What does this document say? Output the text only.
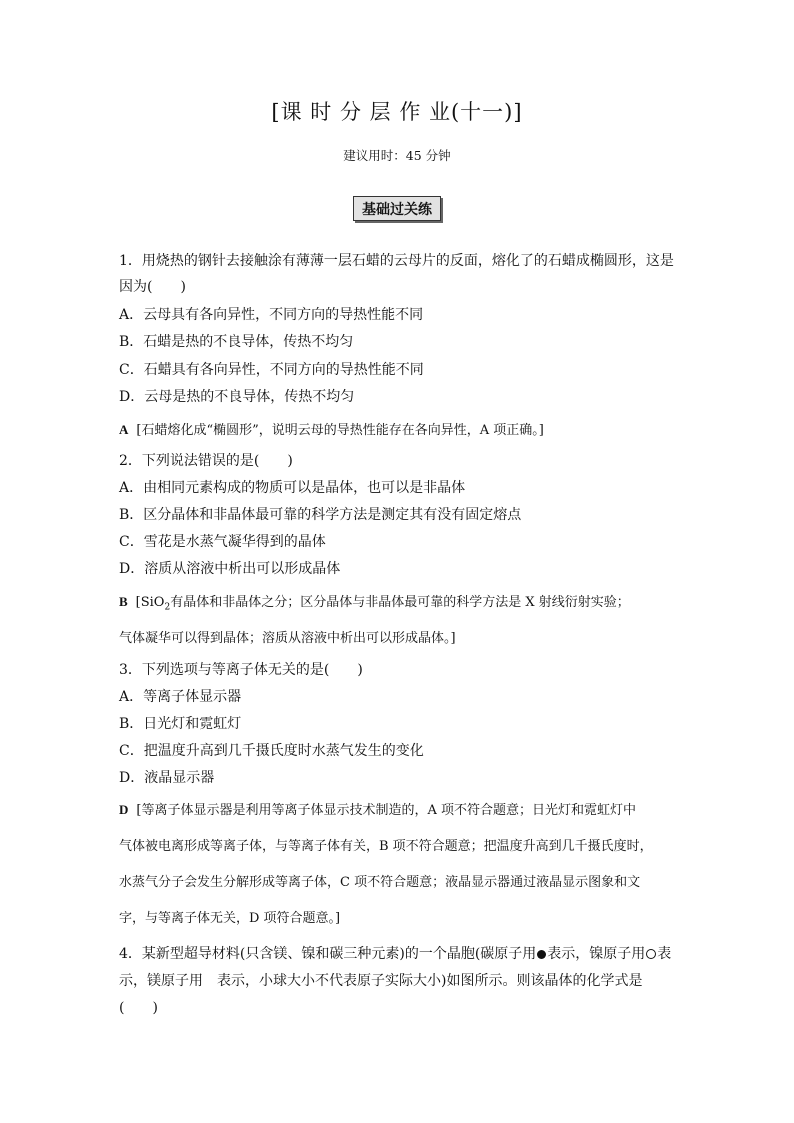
[课 时 分 层 作 业(十一)]
建议用时：45 分钟
基础过关练
1．用烧热的钢针去接触涂有薄薄一层石蜡的云母片的反面，熔化了的石蜡成椭圆形，这是
因为(　　)
A．云母具有各向异性，不同方向的导热性能不同
B．石蜡是热的不良导体，传热不均匀
C．石蜡具有各向异性，不同方向的导热性能不同
D．云母是热的不良导体，传热不均匀
A [石蜡熔化成“椭圆形”，说明云母的导热性能存在各向异性，A 项正确。]
2．下列说法错误的是(　　)
A．由相同元素构成的物质可以是晶体，也可以是非晶体
B．区分晶体和非晶体最可靠的科学方法是测定其有没有固定熔点
C．雪花是水蒸气凝华得到的晶体
D．溶质从溶液中析出可以形成晶体
B [SiO$_2$有晶体和非晶体之分；区分晶体与非晶体最可靠的科学方法是 X 射线衍射实验；
气体凝华可以得到晶体；溶质从溶液中析出可以形成晶体。]
3．下列选项与等离子体无关的是(　　)
A．等离子体显示器
B．日光灯和霓虹灯
C．把温度升高到几千摄氏度时水蒸气发生的变化
D．液晶显示器
D [等离子体显示器是利用等离子体显示技术制造的，A 项不符合题意；日光灯和霓虹灯中
气体被电离形成等离子体，与等离子体有关，B 项不符合题意；把温度升高到几千摄氏度时，
水蒸气分子会发生分解形成等离子体，C 项不符合题意；液晶显示器通过液晶显示图象和文
字，与等离子体无关，D 项符合题意。]
4．某新型超导材料(只含镁、镍和碳三种元素)的一个晶胞(碳原子用 表示，镍原子用 表
示，镁原子用 表示，小球大小不代表原子实际大小)如图所示。则该晶体的化学式是
(　　)
